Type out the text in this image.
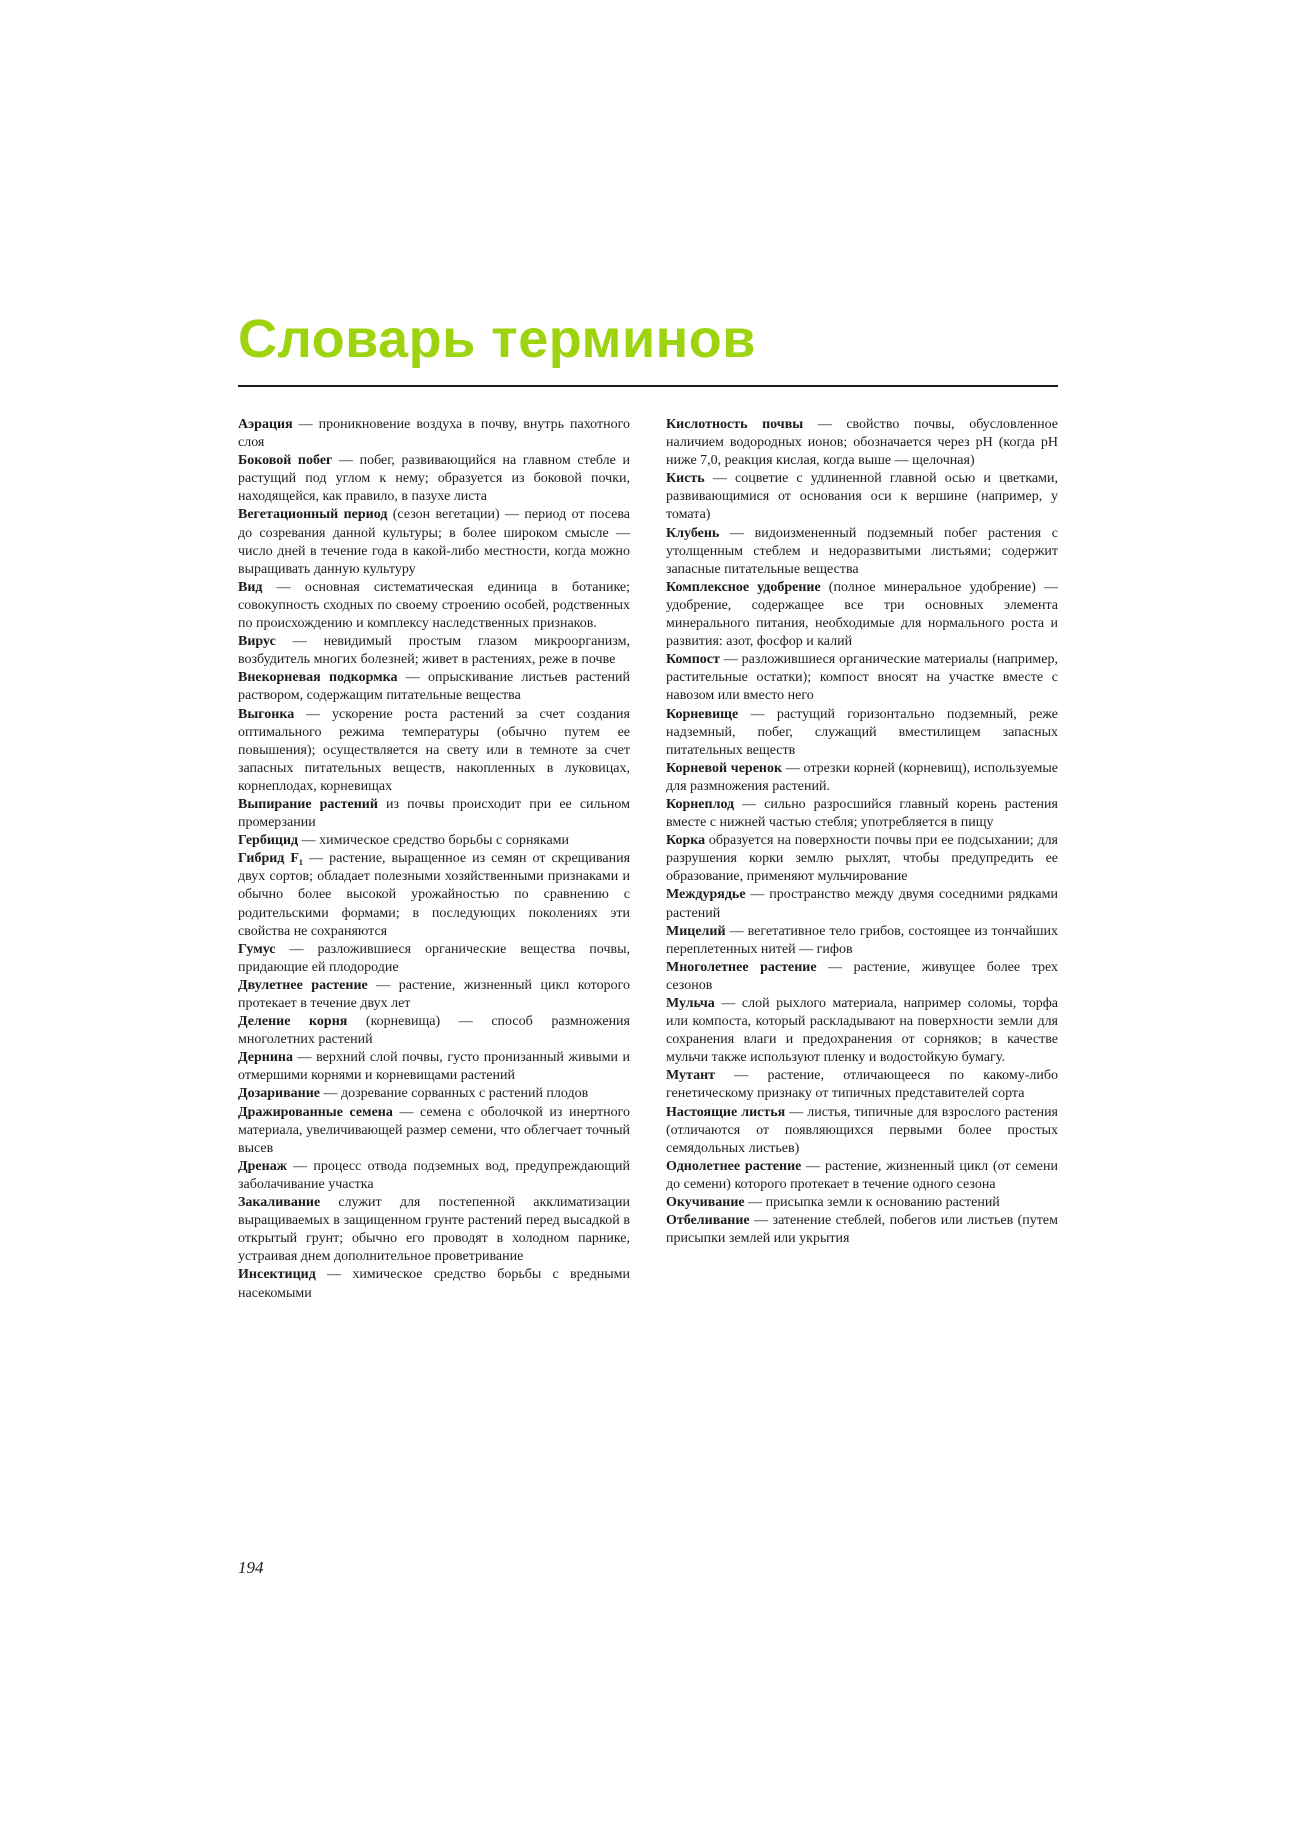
Словарь терминов

Аэрация — проникновение воздуха в почву, внутрь пахотного слоя

Боковой побег — побег, развивающийся на главном стебле и растущий под углом к нему; образуется из боковой почки, находящейся, как правило, в пазухе листа

Вегетационный период (сезон вегетации) — период от посева до созревания данной культуры; в более широком смысле — число дней в течение года в какой-либо местности, когда можно выращивать данную культуру

Вид — основная систематическая единица в ботанике; совокупность сходных по своему строению особей, родственных по происхождению и комплексу наследственных признаков.

Вирус — невидимый простым глазом микроорганизм, возбудитель многих болезней; живет в растениях, реже в почве

Внекорневая подкормка — опрыскивание листьев растений раствором, содержащим питательные вещества

Выгонка — ускорение роста растений за счет создания оптимального режима температуры (обычно путем ее повышения); осуществляется на свету или в темноте за счет запасных питательных веществ, накопленных в луковицах, корнеплодах, корневищах

Выпирание растений из почвы происходит при ее сильном промерзании

Гербицид — химическое средство борьбы с сорняками

Гибрид F₁ — растение, выращенное из семян от скрещивания двух сортов; обладает полезными хозяйственными признаками и обычно более высокой урожайностью по сравнению с родительскими формами; в последующих поколениях эти свойства не сохраняются

Гумус — разложившиеся органические вещества почвы, придающие ей плодородие

Двулетнее растение — растение, жизненный цикл которого протекает в течение двух лет

Деление корня (корневища) — способ размножения многолетних растений

Дернина — верхний слой почвы, густо пронизанный живыми и отмершими корнями и корневищами растений

Дозаривание — дозревание сорванных с растений плодов

Дражированные семена — семена с оболочкой из инертного материала, увеличивающей размер семени, что облегчает точный высев

Дренаж — процесс отвода подземных вод, предупреждающий заболачивание участка

Закаливание служит для постепенной акклиматизации выращиваемых в защищенном грунте растений перед высадкой в открытый грунт; обычно его проводят в холодном парнике, устраивая днем дополнительное проветривание

Инсектицид — химическое средство борьбы с вредными насекомыми

Кислотность почвы — свойство почвы, обусловленное наличием водородных ионов; обозначается через рН (когда рН ниже 7,0, реакция кислая, когда выше — щелочная)

Кисть — соцветие с удлиненной главной осью и цветками, развивающимися от основания оси к вершине (например, у томата)

Клубень — видоизмененный подземный побег растения с утолщенным стеблем и недоразвитыми листьями; содержит запасные питательные вещества

Комплексное удобрение (полное минеральное удобрение) — удобрение, содержащее все три основных элемента минерального питания, необходимые для нормального роста и развития: азот, фосфор и калий

Компост — разложившиеся органические материалы (например, растительные остатки); компост вносят на участке вместе с навозом или вместо него

Корневище — растущий горизонтально подземный, реже надземный, побег, служащий вместилищем запасных питательных веществ

Корневой черенок — отрезки корней (корневищ), используемые для размножения растений.

Корнеплод — сильно разросшийся главный корень растения вместе с нижней частью стебля; употребляется в пищу

Корка образуется на поверхности почвы при ее подсыхании; для разрушения корки землю рыхлят, чтобы предупредить ее образование, применяют мульчирование

Междурядье — пространство между двумя соседними рядками растений

Мицелий — вегетативное тело грибов, состоящее из тончайших переплетенных нитей — гифов

Многолетнее растение — растение, живущее более трех сезонов

Мульча — слой рыхлого материала, например соломы, торфа или компоста, который раскладывают на поверхности земли для сохранения влаги и предохранения от сорняков; в качестве мульчи также используют пленку и водостойкую бумагу.

Мутант — растение, отличающееся по какому-либо генетическому признаку от типичных представителей сорта

Настоящие листья — листья, типичные для взрослого растения (отличаются от появляющихся первыми более простых семядольных листьев)

Однолетнее растение — растение, жизненный цикл (от семени до семени) которого протекает в течение одного сезона

Окучивание — присыпка земли к основанию растений

Отбеливание — затенение стеблей, побегов или листьев (путем присыпки землей или укрытия

194
